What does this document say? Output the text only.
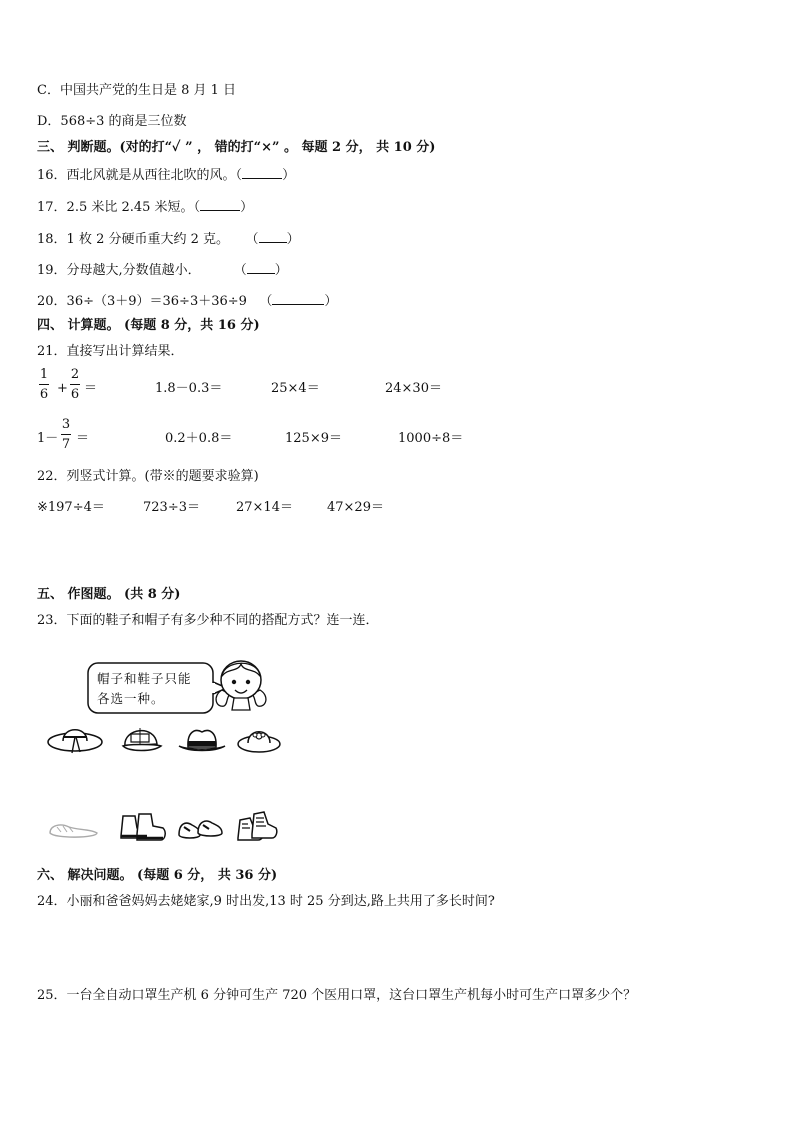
C．中国共产党的生日是 8 月 1 日
D．568÷3 的商是三位数
三、 判断题。(对的打“✓ ” ， 错的打“×” 。 每题 2 分， 共 10 分)
16．西北风就是从西往北吹的风。（	）
17．2.5 米比 2.45 米短。（	）
18．1 枚 2 分硬币重大约 2 克。    （ ）
19．分母越大,分数值越小．        （ ）
20．36÷（3＋9）＝36÷3＋36÷9   （	）
四、 计算题。 (每题 8 分，共 16 分)
21．直接写出计算结果．
1
6 +
2
6 ＝	1.8－0.3＝	25×4＝	24×30＝
1－
3
7 ＝	0.2＋0.8＝	125×9＝	1000÷8＝
22．列竖式计算。(带※的题要求验算)
※197÷4＝	723÷3＝	27×14＝	47×29＝
五、 作图题。 (共 8 分)
23．下面的鞋子和帽子有多少种不同的搭配方式？连一连．
帽子和鞋子只能
各选一种。
六、 解决问题。 (每题 6 分， 共 36 分)
24．小丽和爸爸妈妈去姥姥家,9 时出发,13 时 25 分到达,路上共用了多长时间?
25．一台全自动口罩生产机 6 分钟可生产 720 个医用口罩，这台口罩生产机每小时可生产口罩多少个？
